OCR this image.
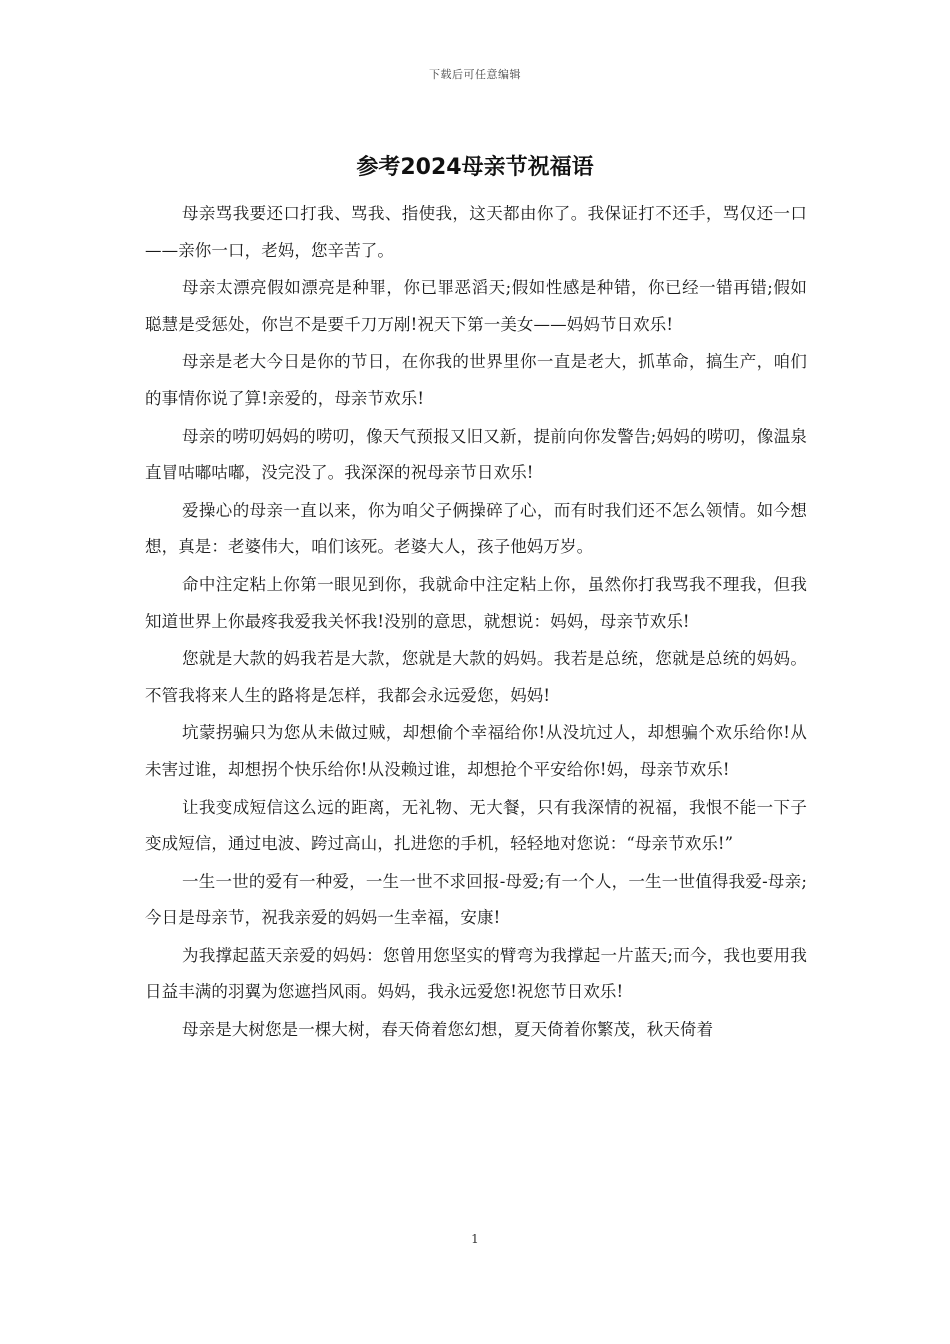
下载后可任意编辑
参考2024母亲节祝福语

母亲骂我要还口打我、骂我、指使我，这天都由你了。我保证打不还手，骂仅还一口——亲你一口，老妈，您辛苦了。

母亲太漂亮假如漂亮是种罪，你已罪恶滔天;假如性感是种错，你已经一错再错;假如聪慧是受惩处，你岂不是要千刀万剐!祝天下第一美女——妈妈节日欢乐!

母亲是老大今日是你的节日，在你我的世界里你一直是老大，抓革命，搞生产，咱们的事情你说了算!亲爱的，母亲节欢乐!

母亲的唠叨妈妈的唠叨，像天气预报又旧又新，提前向你发警告;妈妈的唠叨，像温泉直冒咕嘟咕嘟，没完没了。我深深的祝母亲节日欢乐!

爱操心的母亲一直以来，你为咱父子俩操碎了心，而有时我们还不怎么领情。如今想想，真是：老婆伟大，咱们该死。老婆大人，孩子他妈万岁。

命中注定粘上你第一眼见到你，我就命中注定粘上你，虽然你打我骂我不理我，但我知道世界上你最疼我爱我关怀我!没别的意思，就想说：妈妈，母亲节欢乐!

您就是大款的妈我若是大款，您就是大款的妈妈。我若是总统，您就是总统的妈妈。不管我将来人生的路将是怎样，我都会永远爱您，妈妈!

坑蒙拐骗只为您从未做过贼，却想偷个幸福给你!从没坑过人，却想骗个欢乐给你!从未害过谁，却想拐个快乐给你!从没赖过谁，却想抢个平安给你!妈，母亲节欢乐!

让我变成短信这么远的距离，无礼物、无大餐，只有我深情的祝福，我恨不能一下子变成短信，通过电波、跨过高山，扎进您的手机，轻轻地对您说：“母亲节欢乐!”

一生一世的爱有一种爱，一生一世不求回报-母爱;有一个人，一生一世值得我爱-母亲;今日是母亲节，祝我亲爱的妈妈一生幸福，安康!

为我撑起蓝天亲爱的妈妈：您曾用您坚实的臂弯为我撑起一片蓝天;而今，我也要用我日益丰满的羽翼为您遮挡风雨。妈妈，我永远爱您!祝您节日欢乐!

母亲是大树您是一棵大树，春天倚着您幻想，夏天倚着你繁茂，秋天倚着

1
